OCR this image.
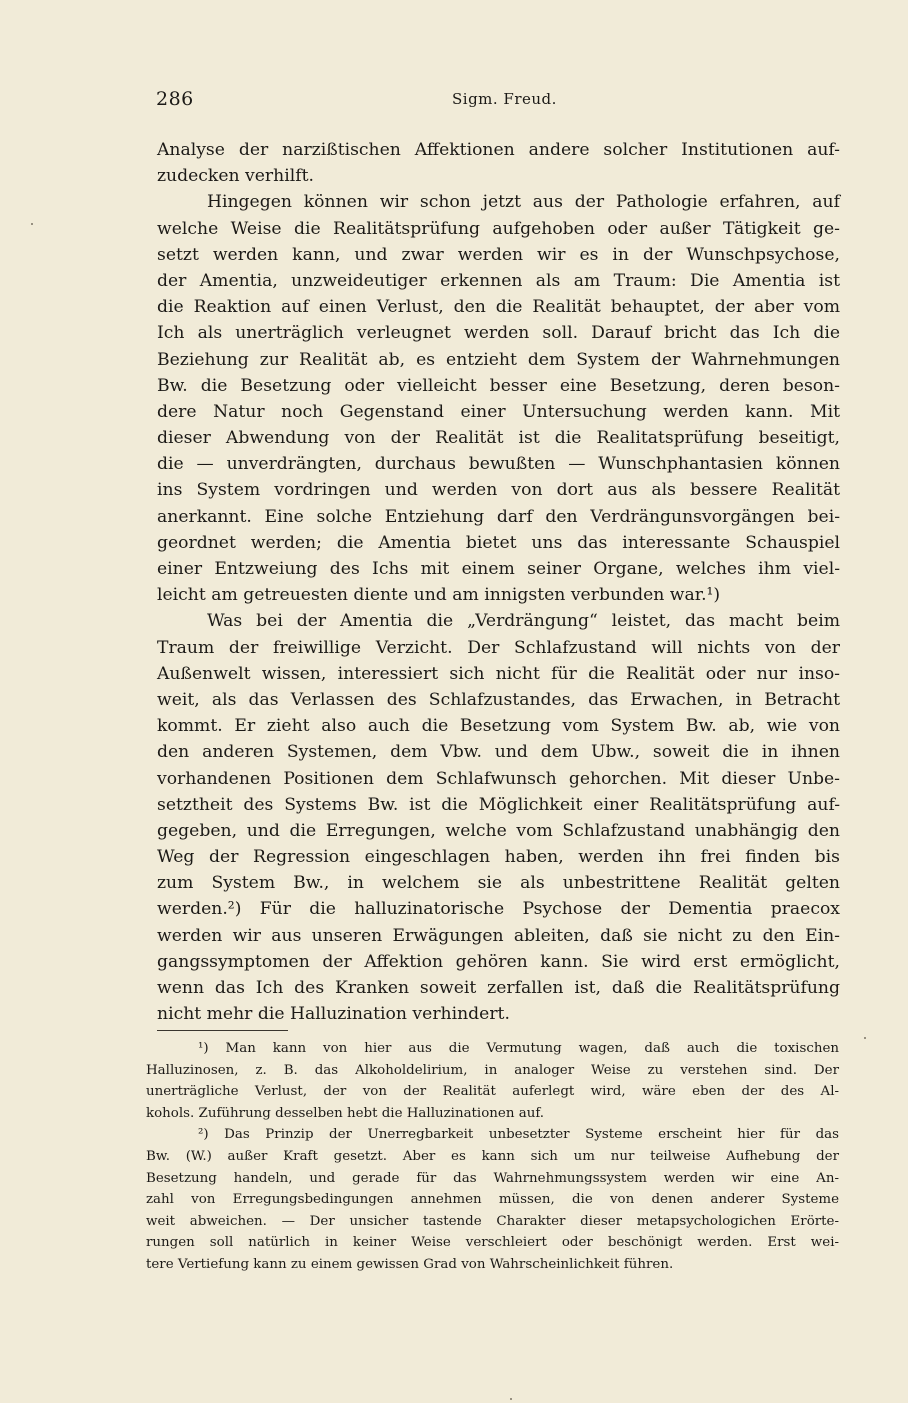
286	Sigm. Freud.
Analyse der narzißtischen Affektionen andere solcher Institutionen auf-
zudecken verhilft.
Hingegen können wir schon jetzt aus der Pathologie erfahren, auf
welche Weise die Realitätsprüfung aufgehoben oder außer Tätigkeit ge-
setzt werden kann, und zwar werden wir es in der Wunschpsychose,
der Amentia, unzweideutiger erkennen als am Traum: Die Amentia ist
die Reaktion auf einen Verlust, den die Realität behauptet, der aber vom
Ich als unerträglich verleugnet werden soll. Darauf bricht das Ich die
Beziehung zur Realität ab, es entzieht dem System der Wahrnehmungen
Bw. die Besetzung oder vielleicht besser eine Besetzung, deren beson-
dere Natur noch Gegenstand einer Untersuchung werden kann. Mit
dieser Abwendung von der Realität ist die Realitatsprüfung beseitigt,
die — unverdrängten, durchaus bewußten — Wunschphantasien können
ins System vordringen und werden von dort aus als bessere Realität
anerkannt. Eine solche Entziehung darf den Verdrängunsvorgängen bei-
geordnet werden; die Amentia bietet uns das interessante Schauspiel
einer Entzweiung des Ichs mit einem seiner Organe, welches ihm viel-
leicht am getreuesten diente und am innigsten verbunden war.¹)
Was bei der Amentia die „Verdrängung“ leistet, das macht beim
Traum der freiwillige Verzicht. Der Schlafzustand will nichts von der
Außenwelt wissen, interessiert sich nicht für die Realität oder nur inso-
weit, als das Verlassen des Schlafzustandes, das Erwachen, in Betracht
kommt. Er zieht also auch die Besetzung vom System Bw. ab, wie von
den anderen Systemen, dem Vbw. und dem Ubw., soweit die in ihnen
vorhandenen Positionen dem Schlafwunsch gehorchen. Mit dieser Unbe-
setztheit des Systems Bw. ist die Möglichkeit einer Realitätsprüfung auf-
gegeben, und die Erregungen, welche vom Schlafzustand unabhängig den
Weg der Regression eingeschlagen haben, werden ihn frei finden bis
zum System Bw., in welchem sie als unbestrittene Realität gelten
werden.²) Für die halluzinatorische Psychose der Dementia praecox
werden wir aus unseren Erwägungen ableiten, daß sie nicht zu den Ein-
gangssymptomen der Affektion gehören kann. Sie wird erst ermöglicht,
wenn das Ich des Kranken soweit zerfallen ist, daß die Realitätsprüfung
nicht mehr die Halluzination verhindert.
¹) Man kann von hier aus die Vermutung wagen, daß auch die toxischen
Halluzinosen, z. B. das Alkoholdelirium, in analoger Weise zu verstehen sind. Der
unerträgliche Verlust, der von der Realität auferlegt wird, wäre eben der des Al-
kohols. Zuführung desselben hebt die Halluzinationen auf.
²) Das Prinzip der Unerregbarkeit unbesetzter Systeme erscheint hier für das
Bw. (W.) außer Kraft gesetzt. Aber es kann sich um nur teilweise Aufhebung der
Besetzung handeln, und gerade für das Wahrnehmungssystem werden wir eine An-
zahl von Erregungsbedingungen annehmen müssen, die von denen anderer Systeme
weit abweichen. — Der unsicher tastende Charakter dieser metapsychologichen Erörte-
rungen soll natürlich in keiner Weise verschleiert oder beschönigt werden. Erst wei-
tere Vertiefung kann zu einem gewissen Grad von Wahrscheinlichkeit führen.
